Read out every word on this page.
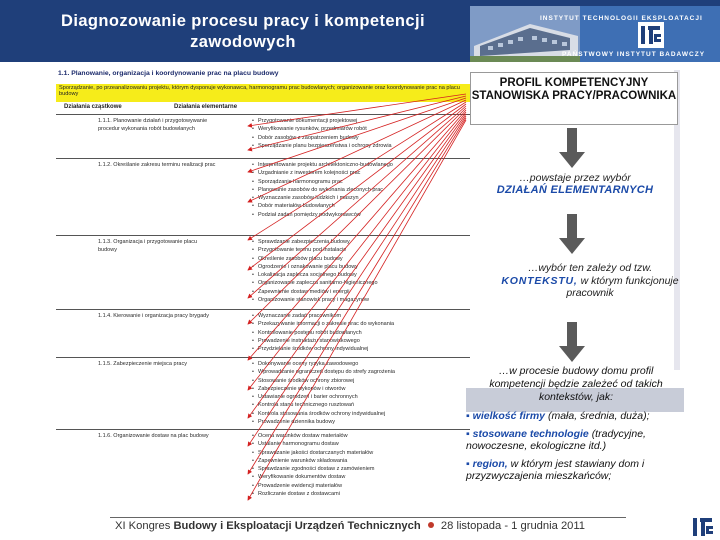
Diagnozowanie procesu pracy i kompetencji zawodowych
INSTYTUT TECHNOLOGII EKSPLOATACJI
PAŃSTWOWY INSTYTUT BADAWCZY
1.1. Planowanie, organizacja i koordynowanie prac na placu budowy
Sporządzanie, po przeanalizowaniu projektu, którym dysponuje wykonawca, harmonogramu prac budowlanych; organizowanie oraz koordynowanie prac na placu budowy
Działania cząstkowe	Działania elementarne
1.1.1. Planowanie działań i przygotowywanie procedur wykonania robót budowlanych
• Przygotowanie dokumentacji projektowej
• Weryfikowanie rysunków, przedmiarów robót
• Dobór zasobów z zaopatrzeniem budowy
• Sporządzanie planu bezpieczeństwa i ochrony zdrowia
1.1.2. Określanie zakresu terminu realizacji prac	• Interpretowanie projektu architektoniczno-budowlanego
• Uzgadnianie z inwestorem kolejności prac
• Sporządzanie harmonogramu prac
• Planowanie zasobów do wykonania zleconych prac
• Wyznaczanie zasobów ludzkich i maszyn
• Dobór materiałów budowlanych
• Podział zadań pomiędzy podwykonawców
1.1.3. Organizacja i przygotowanie placu budowy
• Sprawdzanie zabezpieczenia budowy
• Przygotowanie terenu pod instalacje
• Określenie zasobów placu budowy
• Ogrodzenie i oznakowanie placu budowy
• Lokalizacja zaplecza socjalnego budowy
• Organizowanie zaplecza sanitarno-higienicznego
• Zapewnienie dostaw mediów i energii
• Organizowanie stanowisk pracy i magazynów
1.1.4. Kierowanie i organizacja pracy brygady	• Wyznaczanie zadań pracownikom
• Przekazywanie informacji o zakresie prac do wykonania
• Kontrolowanie postępu robót budowlanych
• Prowadzenie instruktażu stanowiskowego
• Przydzielanie środków ochrony indywidualnej
1.1.5. Zabezpieczenie miejsca pracy	• Dokonywanie oceny ryzyka zawodowego
• Wprowadzanie ograniczeń dostępu do strefy zagrożenia
• Stosowanie środków ochrony zbiorowej
• Zabezpieczenie wykopów i otworów
• Ustawianie ogrodzeń i barier ochronnych
• Kontrola stanu technicznego rusztowań
• Kontrola stosowania środków ochrony indywidualnej
• Prowadzenie dziennika budowy
1.1.6. Organizowanie dostaw na plac budowy	• Ocena warunków dostaw materiałów
• Ustalanie harmonogramu dostaw
• Sprawdzanie jakości dostarczanych materiałów
• Zapewnienie warunków składowania
• Sprawdzanie zgodności dostaw z zamówieniem
• Weryfikowanie dokumentów dostaw
• Prowadzenie ewidencji materiałów
• Rozliczanie dostaw z dostawcami
PROFIL KOMPETENCYJNY STANOWISKA PRACY/PRACOWNIKA
…powstaje przez wybór
DZIAŁAŃ ELEMENTARNYCH
…wybór ten zależy od tzw. KONTEKSTU, w którym funkcjonuje pracownik
…w procesie budowy domu profil kompetencji będzie zależeć od takich kontekstów, jak:
▪ wielkość firmy (mała, średnia, duża);
▪ stosowane technologie (tradycyjne, nowoczesne, ekologiczne itd.)
▪ region, w którym jest stawiany dom i przyzwyczajenia mieszkańców;
XI Kongres Budowy i Eksploatacji Urządzeń Technicznych 28 listopada - 1 grudnia 2011
